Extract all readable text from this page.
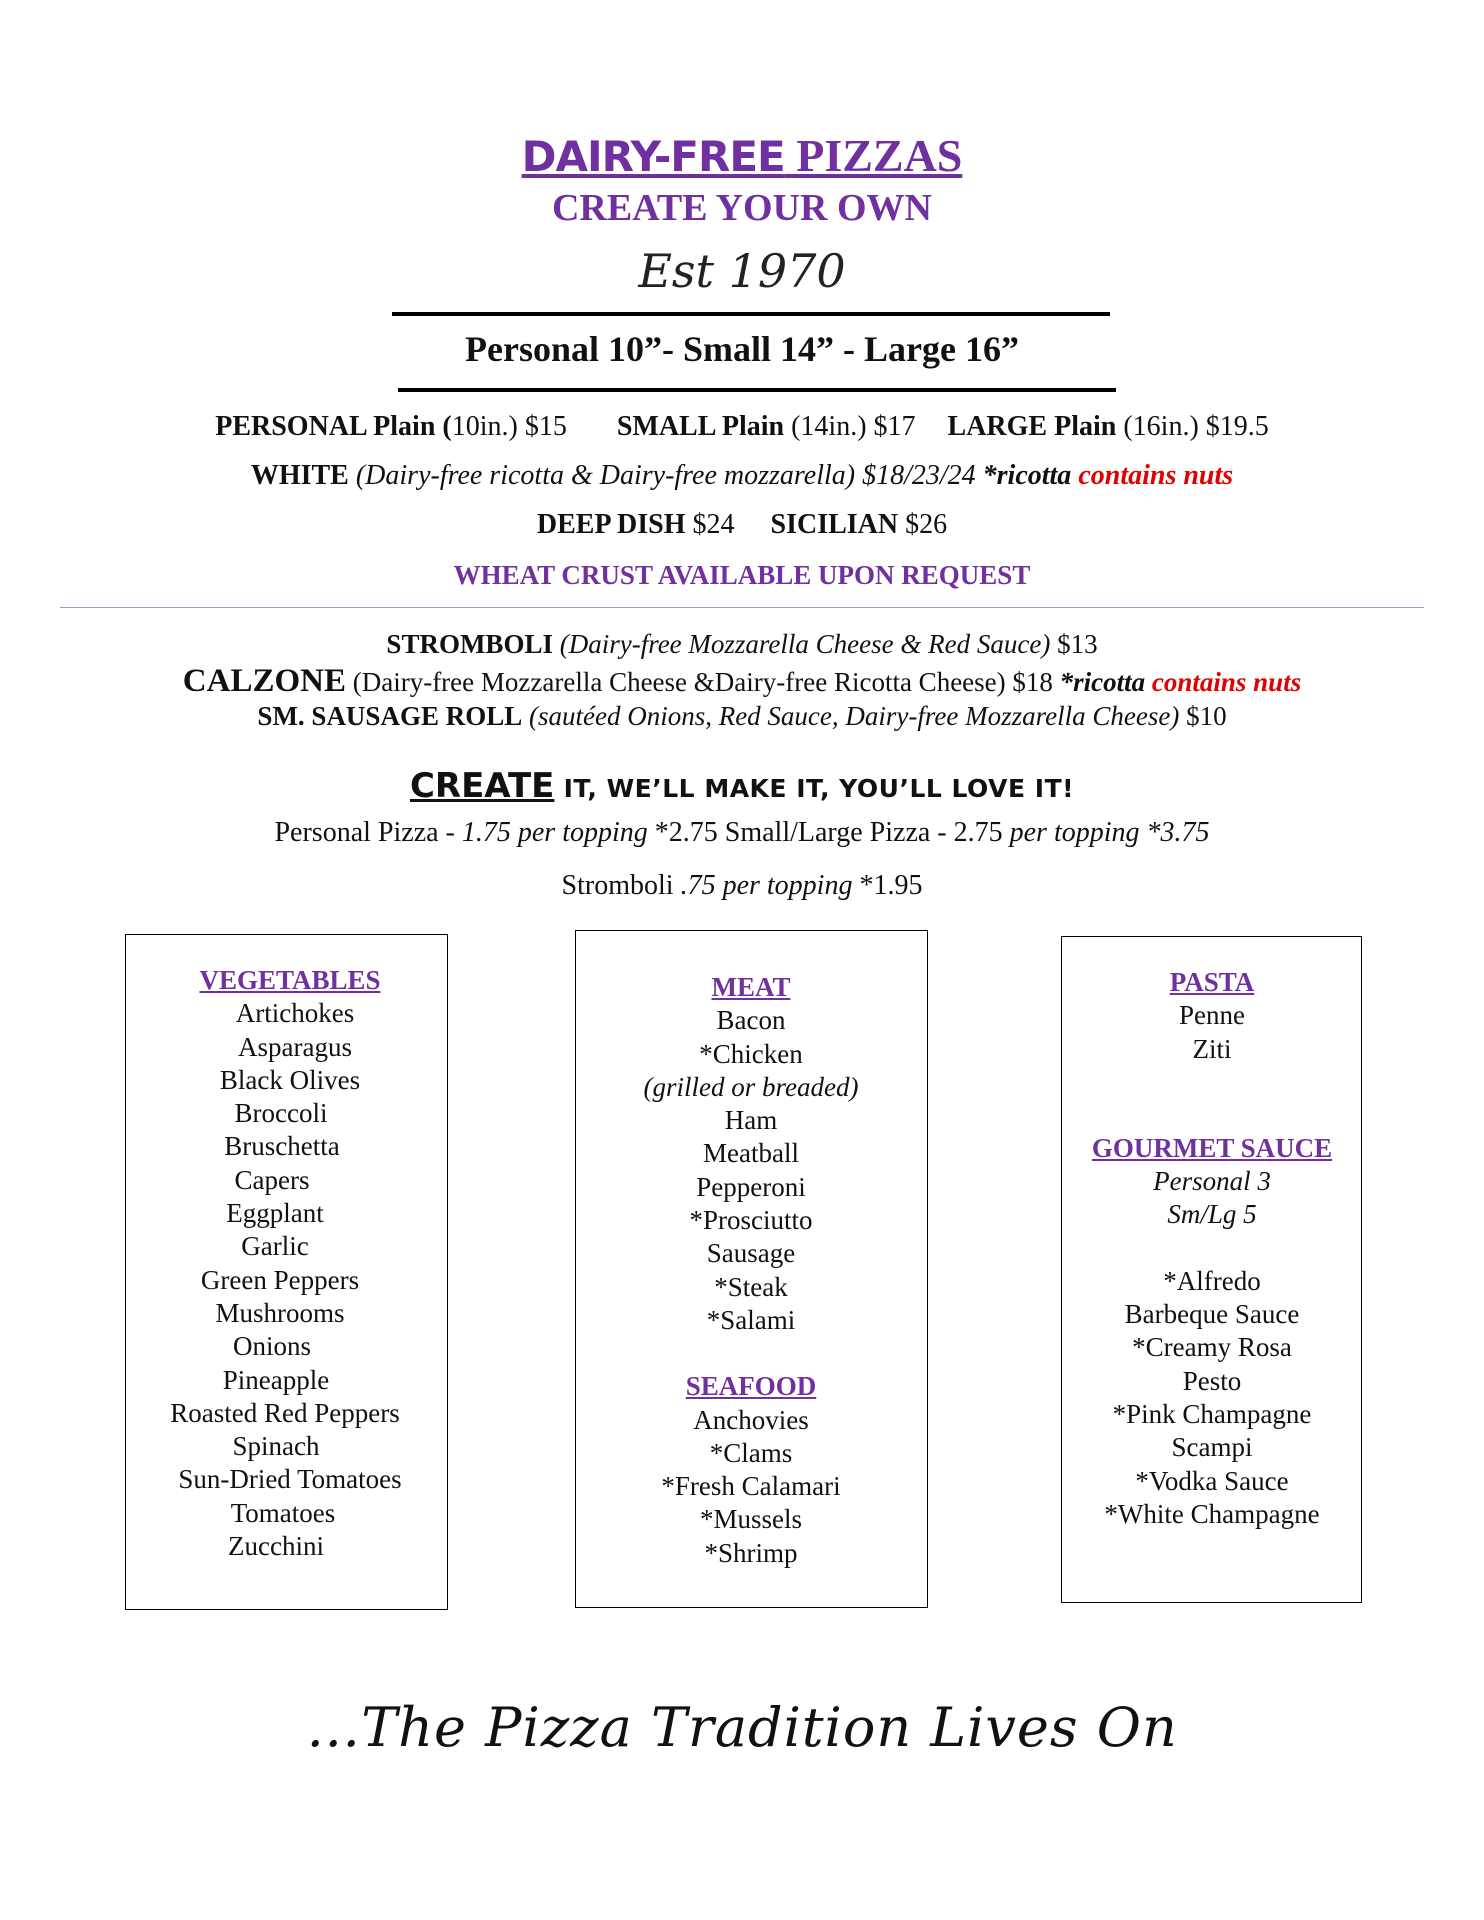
DAIRY-FREE PIZZAS
CREATE YOUR OWN
Est 1970
Personal 10”- Small 14” - Large 16”
PERSONAL Plain (10in.) $15 SMALL Plain (14in.) $17 LARGE Plain (16in.) $19.5
WHITE (Dairy-free ricotta & Dairy-free mozzarella) $18/23/24 *ricotta contains nuts
DEEP DISH $24 SICILIAN $26
WHEAT CRUST AVAILABLE UPON REQUEST
STROMBOLI (Dairy-free Mozzarella Cheese & Red Sauce) $13
CALZONE (Dairy-free Mozzarella Cheese &Dairy-free Ricotta Cheese) $18 *ricotta contains nuts
SM. SAUSAGE ROLL (sautéed Onions, Red Sauce, Dairy-free Mozzarella Cheese) $10
CREATE IT, WE’LL MAKE IT, YOU’LL LOVE IT!
Personal Pizza - 1.75 per topping *2.75 Small/Large Pizza - 2.75 per topping *3.75
Stromboli .75 per topping *1.95
VEGETABLES
Artichokes
Asparagus
Black Olives
Broccoli
Bruschetta
Capers
Eggplant
Garlic
Green Peppers
Mushrooms
Onions
Pineapple
Roasted Red Peppers
Spinach
Sun-Dried Tomatoes
Tomatoes
Zucchini
MEAT
Bacon
*Chicken
(grilled or breaded)
Ham
Meatball
Pepperoni
*Prosciutto
Sausage
*Steak
*Salami
SEAFOOD
Anchovies
*Clams
*Fresh Calamari
*Mussels
*Shrimp
PASTA
Penne
Ziti
GOURMET SAUCE
Personal 3
Sm/Lg 5
*Alfredo
Barbeque Sauce
*Creamy Rosa
Pesto
*Pink Champagne
Scampi
*Vodka Sauce
*White Champagne
…The Pizza Tradition Lives On
